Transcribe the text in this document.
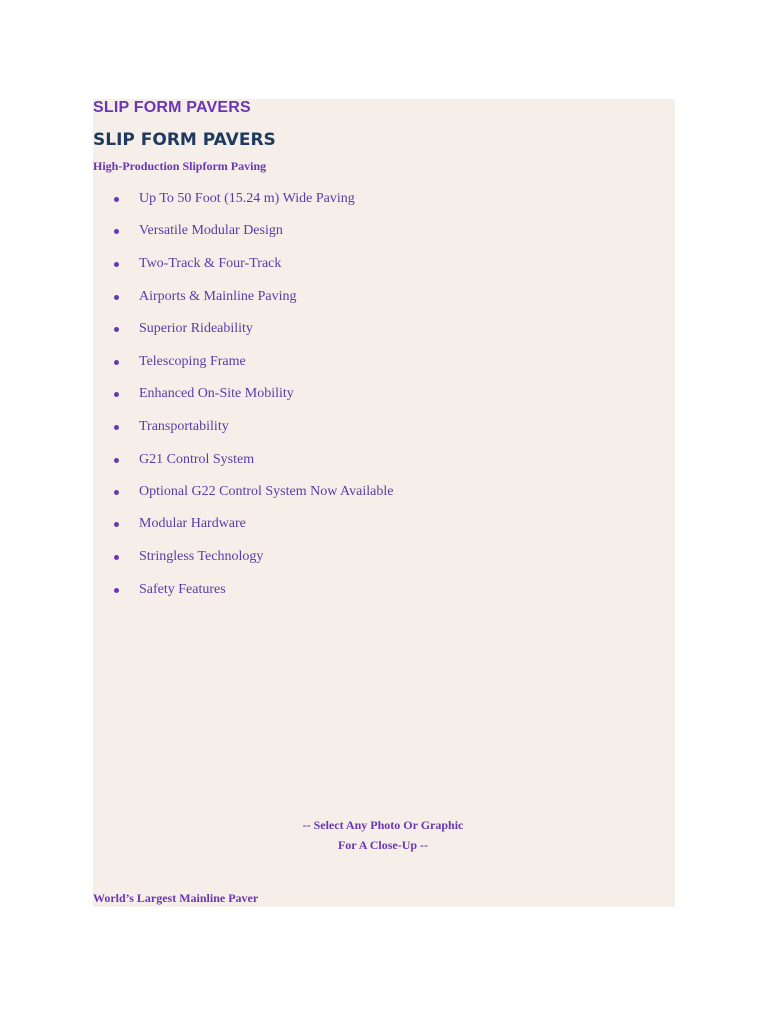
SLIP FORM PAVERS
SLIP FORM PAVERS
High-Production Slipform Paving
Up To 50 Foot (15.24 m) Wide Paving
Versatile Modular Design
Two-Track & Four-Track
Airports & Mainline Paving
Superior Rideability
Telescoping Frame
Enhanced On-Site Mobility
Transportability
G21 Control System
Optional G22 Control System Now Available
Modular Hardware
Stringless Technology
Safety Features
-- Select Any Photo Or Graphic
For A Close-Up --
World’s Largest Mainline Paver
